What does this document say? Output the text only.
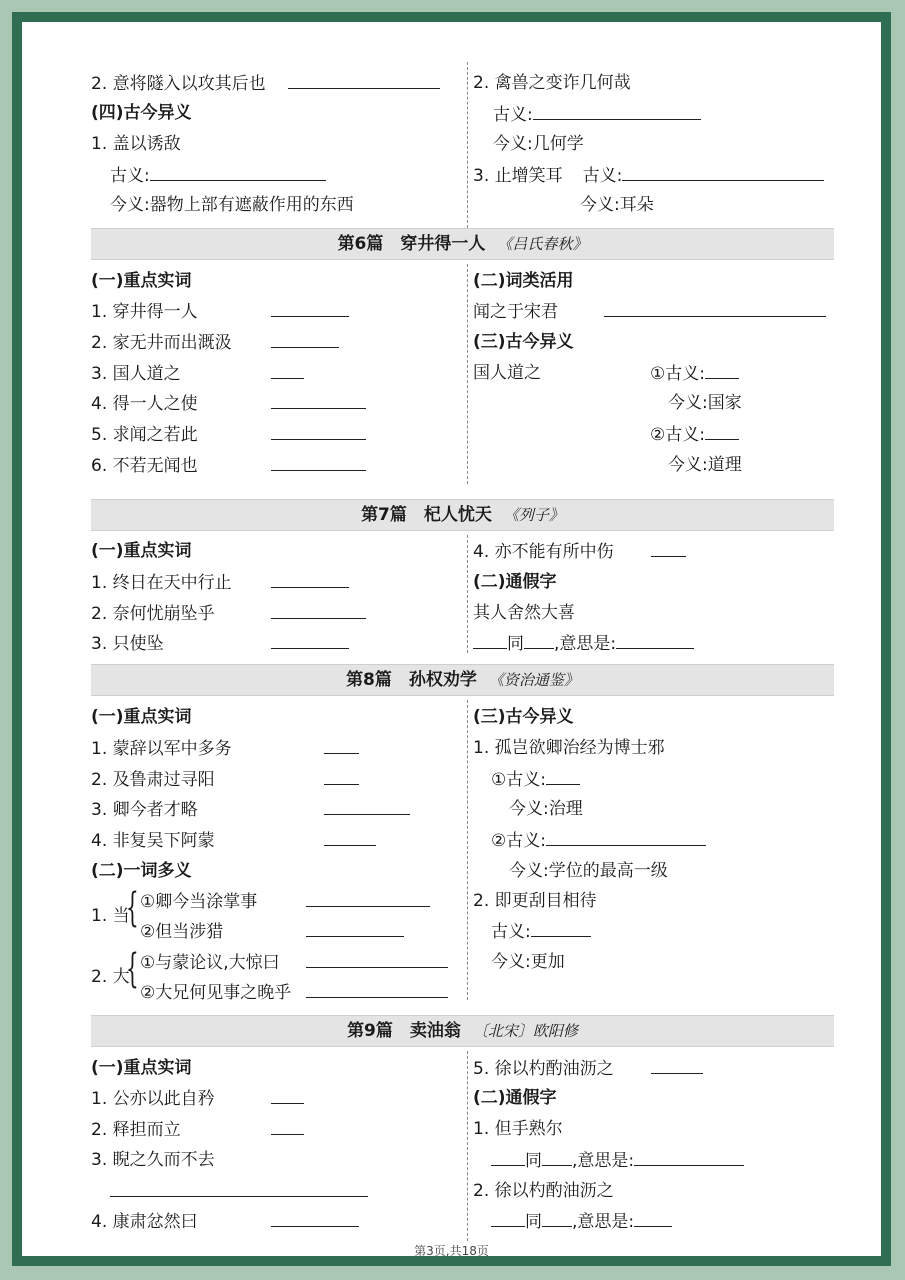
2. 意将隧入以攻其后也
(四)古今异义
1. 盖以诱敌
古义:
今义:器物上部有遮蔽作用的东西
2. 禽兽之变诈几何哉
古义:
今义:几何学
3. 止增笑耳 古义:
今义:耳朵
第6篇　穿井得一人 《吕氏春秋》
(一)重点实词
1. 穿井得一人
2. 家无井而出溉汲
3. 国人道之
4. 得一人之使
5. 求闻之若此
6. 不若无闻也
(二)词类活用
闻之于宋君
(三)古今异义
国人道之	①古义:
今义:国家
②古义:
今义:道理
第7篇　杞人忧天 《列子》
(一)重点实词
1. 终日在天中行止
2. 奈何忧崩坠乎
3. 只使坠
4. 亦不能有所中伤
(二)通假字
其人舍然大喜
同 ,意思是:
第8篇　孙权劝学 《资治通鉴》
(一)重点实词
1. 蒙辞以军中多务
2. 及鲁肃过寻阳
3. 卿今者才略
4. 非复吴下阿蒙
(二)一词多义
1. 当
{ ①卿今当涂掌事
②但当涉猎
2. 大
{ ①与蒙论议,大惊曰
②大兄何见事之晚乎
(三)古今异义
1. 孤岂欲卿治经为博士邪
①古义:
今义:治理
②古义:
今义:学位的最高一级
2. 即更刮目相待
古义:
今义:更加
第9篇　卖油翁 〔北宋〕欧阳修
(一)重点实词
1. 公亦以此自矜
2. 释担而立
3. 睨之久而不去
4. 康肃忿然曰
5. 徐以杓酌油沥之
(二)通假字
1. 但手熟尔
同 ,意思是:
2. 徐以杓酌油沥之
同 ,意思是:
第3页,共18页
